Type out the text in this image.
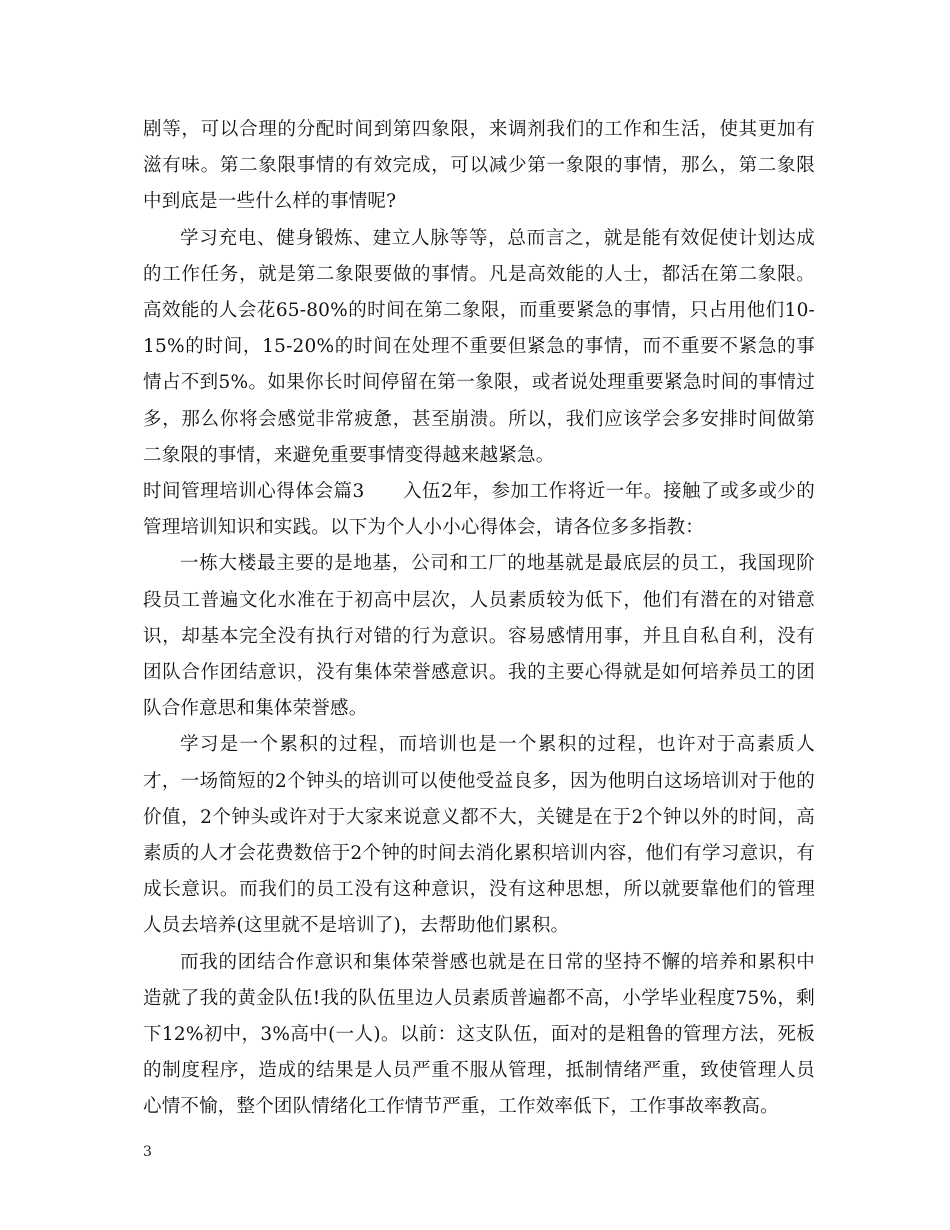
剧等，可以合理的分配时间到第四象限，来调剂我们的工作和生活，使其更加有滋有味。第二象限事情的有效完成，可以减少第一象限的事情，那么，第二象限中到底是一些什么样的事情呢?

学习充电、健身锻炼、建立人脉等等，总而言之，就是能有效促使计划达成的工作任务，就是第二象限要做的事情。凡是高效能的人士，都活在第二象限。高效能的人会花65-80%的时间在第二象限，而重要紧急的事情，只占用他们10-15%的时间，15-20%的时间在处理不重要但紧急的事情，而不重要不紧急的事情占不到5%。如果你长时间停留在第一象限，或者说处理重要紧急时间的事情过多，那么你将会感觉非常疲惫，甚至崩溃。所以，我们应该学会多安排时间做第二象限的事情，来避免重要事情变得越来越紧急。

时间管理培训心得体会篇3　　入伍2年，参加工作将近一年。接触了或多或少的管理培训知识和实践。以下为个人小小心得体会，请各位多多指教：

一栋大楼最主要的是地基，公司和工厂的地基就是最底层的员工，我国现阶段员工普遍文化水准在于初高中层次，人员素质较为低下，他们有潜在的对错意识，却基本完全没有执行对错的行为意识。容易感情用事，并且自私自利，没有团队合作团结意识，没有集体荣誉感意识。我的主要心得就是如何培养员工的团队合作意思和集体荣誉感。

学习是一个累积的过程，而培训也是一个累积的过程，也许对于高素质人才，一场简短的2个钟头的培训可以使他受益良多，因为他明白这场培训对于他的价值，2个钟头或许对于大家来说意义都不大，关键是在于2个钟以外的时间，高素质的人才会花费数倍于2个钟的时间去消化累积培训内容，他们有学习意识，有成长意识。而我们的员工没有这种意识，没有这种思想，所以就要靠他们的管理人员去培养(这里就不是培训了)，去帮助他们累积。

而我的团结合作意识和集体荣誉感也就是在日常的坚持不懈的培养和累积中造就了我的黄金队伍!我的队伍里边人员素质普遍都不高，小学毕业程度75%，剩下12%初中，3%高中(一人)。以前：这支队伍，面对的是粗鲁的管理方法，死板的制度程序，造成的结果是人员严重不服从管理，抵制情绪严重，致使管理人员心情不愉，整个团队情绪化工作情节严重，工作效率低下，工作事故率教高。

3
